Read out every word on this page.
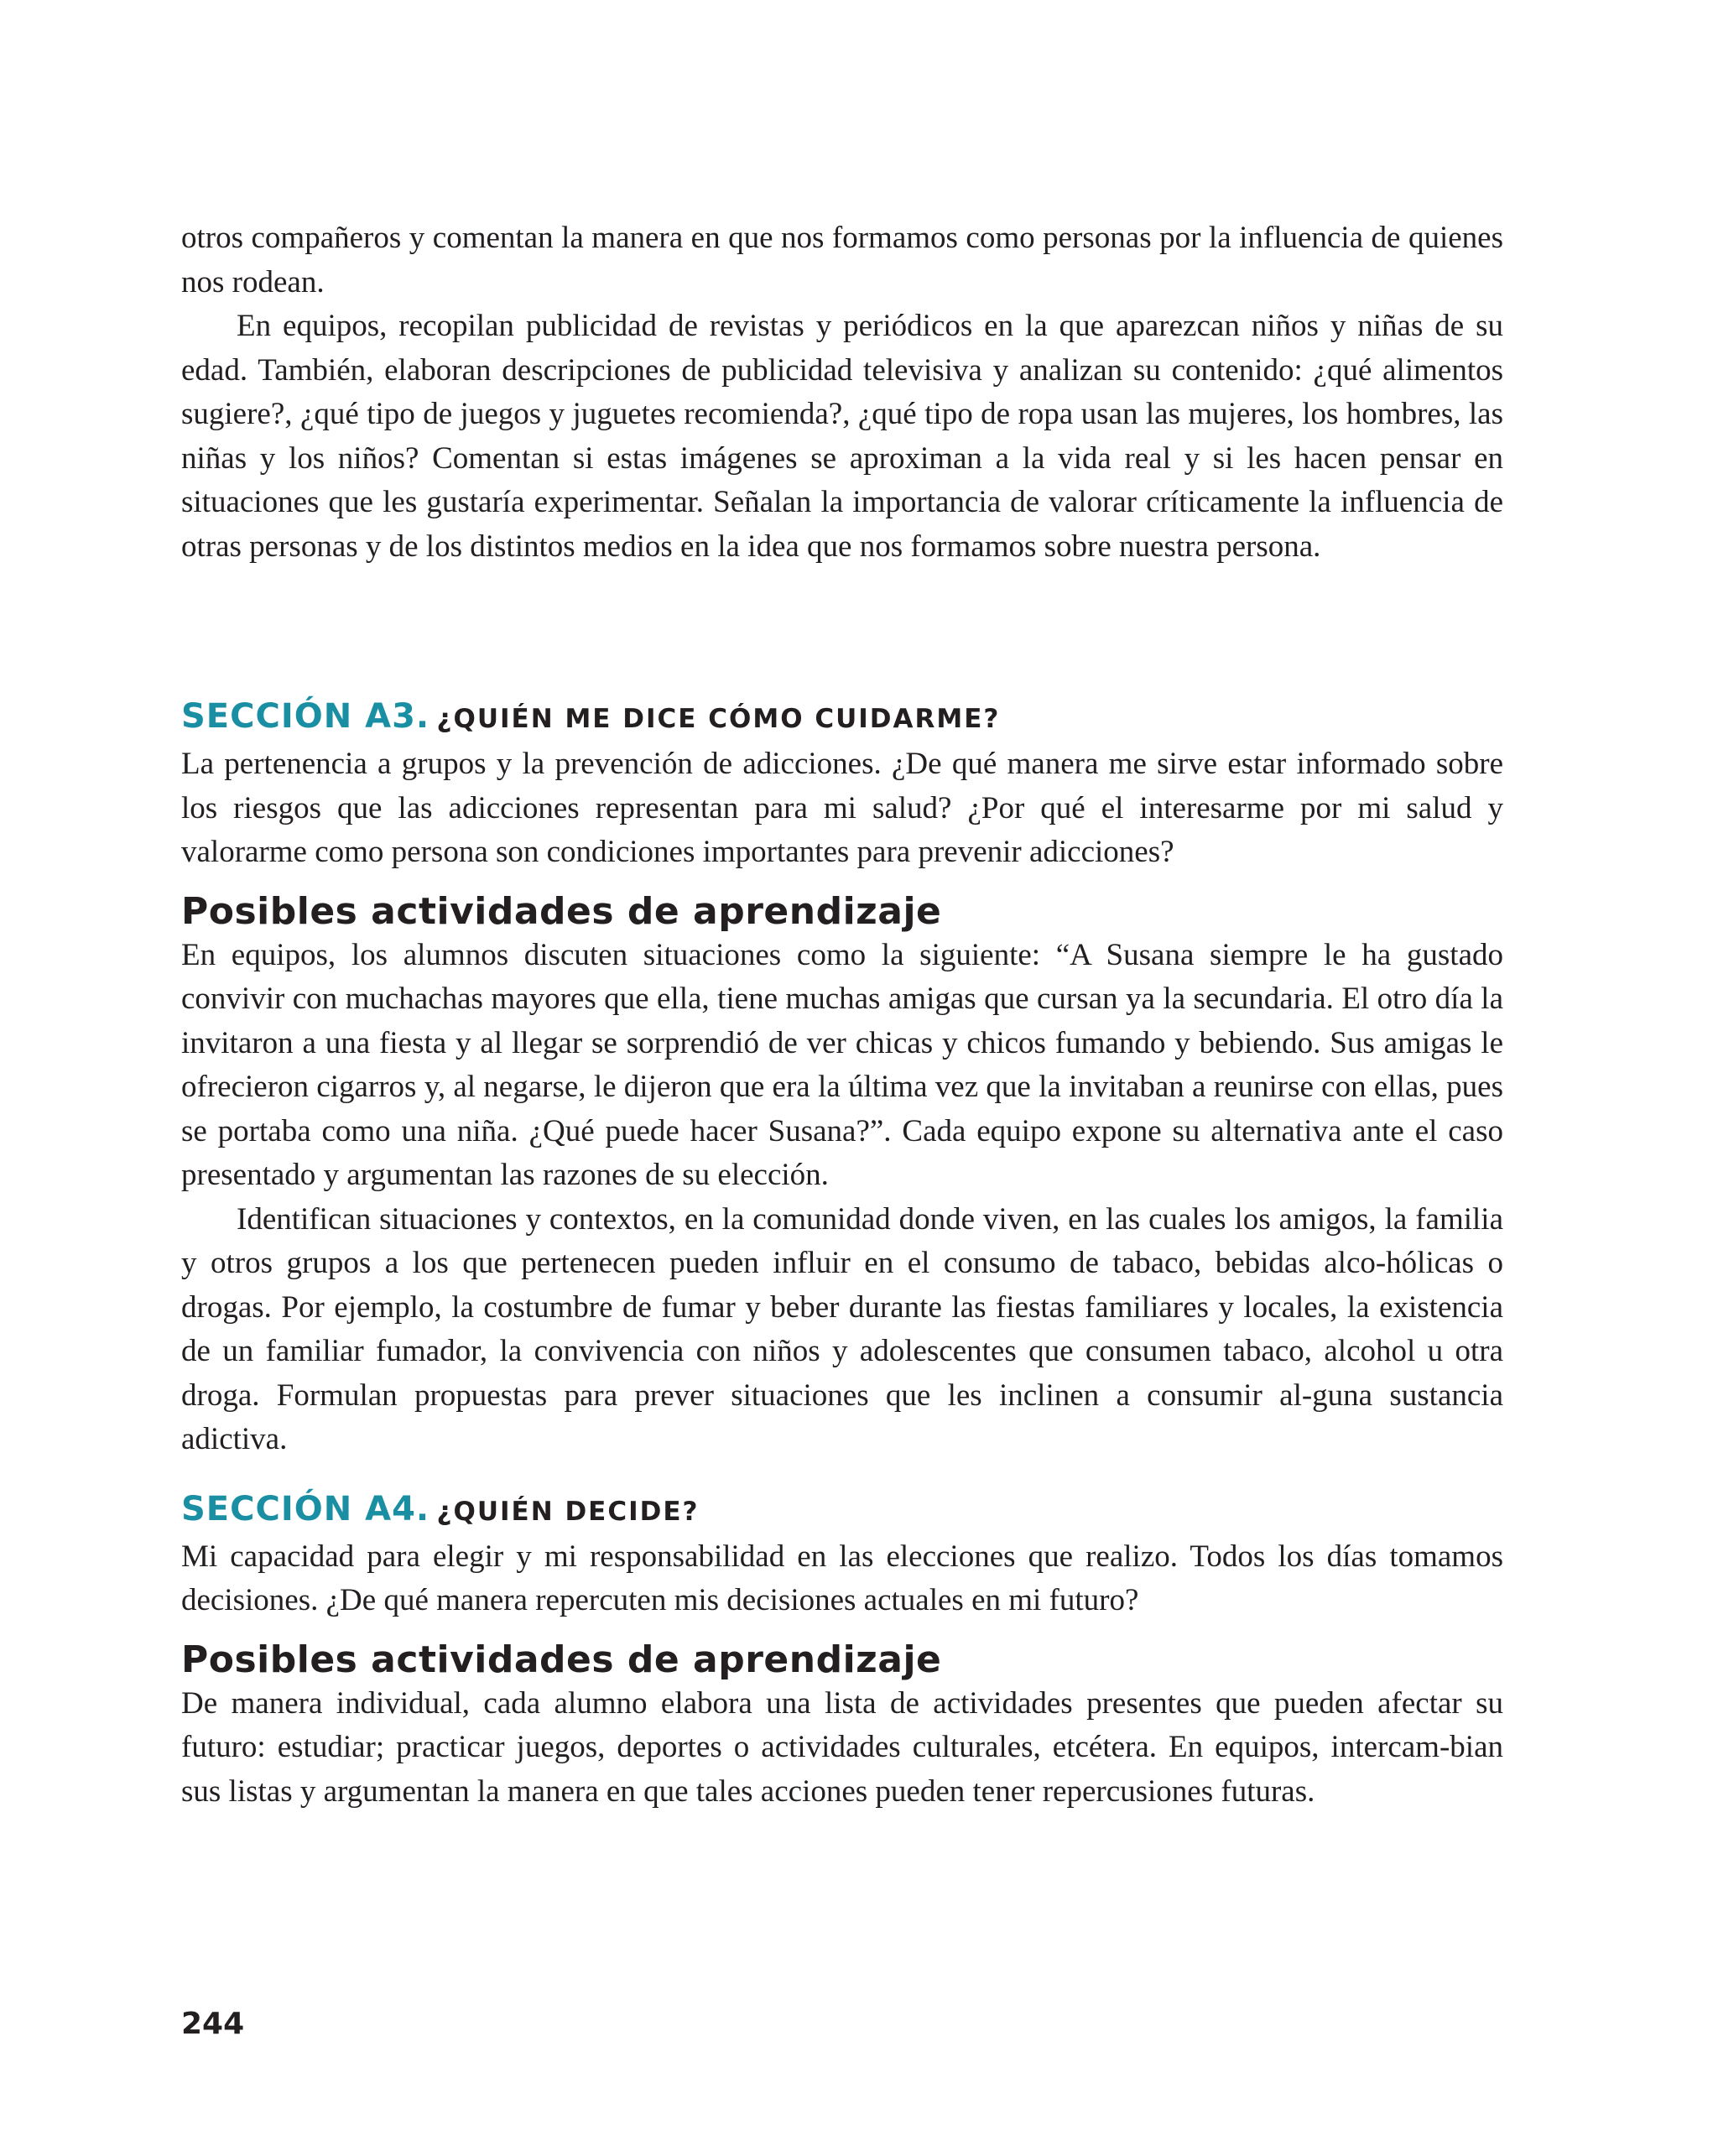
otros compañeros y comentan la manera en que nos formamos como personas por la influencia de quienes nos rodean.

En equipos, recopilan publicidad de revistas y periódicos en la que aparezcan niños y niñas de su edad. También, elaboran descripciones de publicidad televisiva y analizan su contenido: ¿qué alimentos sugiere?, ¿qué tipo de juegos y juguetes recomienda?, ¿qué tipo de ropa usan las mujeres, los hombres, las niñas y los niños? Comentan si estas imágenes se aproximan a la vida real y si les hacen pensar en situaciones que les gustaría experimentar. Señalan la importancia de valorar críticamente la influencia de otras personas y de los distintos medios en la idea que nos formamos sobre nuestra persona.

SECCIÓN A3. ¿QUIÉN ME DICE CÓMO CUIDARME?

La pertenencia a grupos y la prevención de adicciones. ¿De qué manera me sirve estar informado sobre los riesgos que las adicciones representan para mi salud? ¿Por qué el interesarme por mi salud y valorarme como persona son condiciones importantes para prevenir adicciones?

Posibles actividades de aprendizaje

En equipos, los alumnos discuten situaciones como la siguiente: “A Susana siempre le ha gustado convivir con muchachas mayores que ella, tiene muchas amigas que cursan ya la secundaria. El otro día la invitaron a una fiesta y al llegar se sorprendió de ver chicas y chicos fumando y bebiendo. Sus amigas le ofrecieron cigarros y, al negarse, le dijeron que era la última vez que la invitaban a reunirse con ellas, pues se portaba como una niña. ¿Qué puede hacer Susana?”. Cada equipo expone su alternativa ante el caso presentado y argumentan las razones de su elección.

Identifican situaciones y contextos, en la comunidad donde viven, en las cuales los amigos, la familia y otros grupos a los que pertenecen pueden influir en el consumo de tabaco, bebidas alco-hólicas o drogas. Por ejemplo, la costumbre de fumar y beber durante las fiestas familiares y locales, la existencia de un familiar fumador, la convivencia con niños y adolescentes que consumen tabaco, alcohol u otra droga. Formulan propuestas para prever situaciones que les inclinen a consumir al-guna sustancia adictiva.

SECCIÓN A4. ¿QUIÉN DECIDE?

Mi capacidad para elegir y mi responsabilidad en las elecciones que realizo. Todos los días tomamos decisiones. ¿De qué manera repercuten mis decisiones actuales en mi futuro?

Posibles actividades de aprendizaje

De manera individual, cada alumno elabora una lista de actividades presentes que pueden afectar su futuro: estudiar; practicar juegos, deportes o actividades culturales, etcétera. En equipos, intercam-bian sus listas y argumentan la manera en que tales acciones pueden tener repercusiones futuras.

244
